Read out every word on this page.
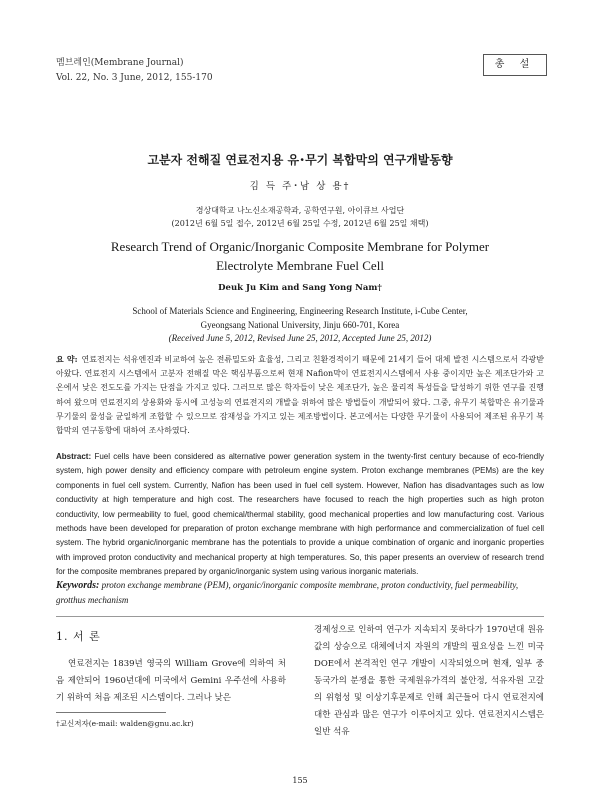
멤브레인(Membrane Journal)
Vol. 22, No. 3 June, 2012, 155-170
총 설
고분자 전해질 연료전지용 유･무기 복합막의 연구개발동향
김 득 주･남 상 용†
경상대학교 나노신소재공학과, 공학연구원, 아이큐브 사업단
(2012년 6월 5일 접수, 2012년 6월 25일 수정, 2012년 6월 25일 채택)
Research Trend of Organic/Inorganic Composite Membrane for Polymer
Electrolyte Membrane Fuel Cell
Deuk Ju Kim and Sang Yong Nam†
School of Materials Science and Engineering, Engineering Research Institute, i-Cube Center,
Gyeongsang National University, Jinju 660-701, Korea
(Received June 5, 2012, Revised June 25, 2012, Accepted June 25, 2012)
요 약: 연료전지는 석유엔진과 비교하여 높은 전류밀도와 효율성, 그리고 친환경적이기 때문에 21세기 들어 대체 발전 시스템으로서 각광받아왔다. 연료전지 시스템에서 고분자 전해질 막은 핵심부품으로써 현재 Nafion막이 연료전지시스템에서 사용 중이지만 높은 제조단가와 고온에서 낮은 전도도를 가지는 단점을 가지고 있다. 그러므로 많은 학자들이 낮은 제조단가, 높은 물리적 특성들을 달성하기 위한 연구를 진행하여 왔으며 연료전지의 상용화와 동시에 고성능의 연료전지의 개발을 위하여 많은 방법들이 개발되어 왔다. 그중, 유무기 복합막은 유기물과 무기물의 물성을 균일하게 조합할 수 있으므로 잠재성을 가지고 있는 제조방법이다. 본고에서는 다양한 무기물이 사용되어 제조된 유무기 복합막의 연구동향에 대하여 조사하였다.
Abstract: Fuel cells have been considered as alternative power generation system in the twenty-first century because of eco-friendly system, high power density and efficiency compare with petroleum engine system. Proton exchange membranes (PEMs) are the key components in fuel cell system. Currently, Nafion has been used in fuel cell system. However, Nafion has disadvantages such as low conductivity at high temperature and high cost. The researchers have focused to reach the high properties such as high proton conductivity, low permeability to fuel, good chemical/thermal stability, good mechanical properties and low manufacturing cost. Various methods have been developed for preparation of proton exchange membrane with high performance and commercialization of fuel cell system. The hybrid organic/inorganic membrane has the potentials to provide a unique combination of organic and inorganic properties with improved proton conductivity and mechanical property at high temperatures. So, this paper presents an overview of research trend for the composite membranes prepared by organic/inorganic system using various inorganic materials.
Keywords: proton exchange membrane (PEM), organic/inorganic composite membrane, proton conductivity, fuel permeability, grotthus mechanism
1. 서 론
연료전지는 1839년 영국의 William Grove에 의하여 처음 제안되어 1960년대에 미국에서 Gemini 우주선에 사용하기 위하여 처음 제조된 시스템이다. 그러나 낮은
경제성으로 인하여 연구가 지속되지 못하다가 1970년대 원유값의 상승으로 대체에너지 자원의 개발의 필요성을 느낀 미국 DOE에서 본격적인 연구 개발이 시작되었으며 현재, 일부 중동국가의 분쟁을 통한 국제원유가격의 불안정, 석유자원 고갈의 위험성 및 이상기후문제로 인해 최근들어 다시 연료전지에 대한 관심과 많은 연구가 이루어지고 있다. 연료전지시스템은 일반 석유
†교신저자(e-mail: walden@gnu.ac.kr)
155
